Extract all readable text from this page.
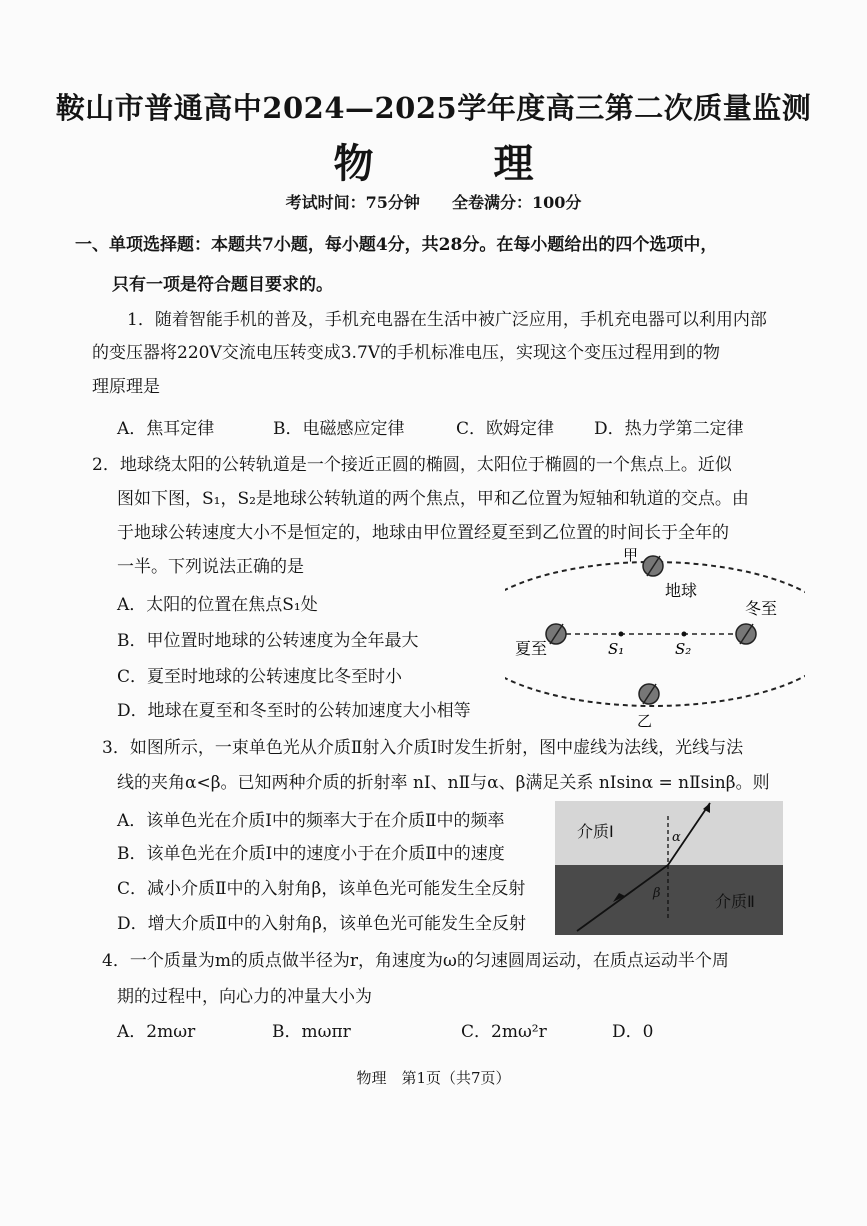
鞍山市普通高中2024—2025学年度高三第二次质量监测
物　理
考试时间：75分钟　　 全卷满分：100分
一、单项选择题：本题共7小题，每小题4分，共28分。在每小题给出的四个选项中，
只有一项是符合题目要求的。
1．随着智能手机的普及，手机充电器在生活中被广泛应用，手机充电器可以利用内部
的变压器将220V交流电压转变成3.7V的手机标准电压，实现这个变压过程用到的物
理原理是
A．焦耳定律	B．电磁感应定律	C．欧姆定律 D．热力学第二定律
2．地球绕太阳的公转轨道是一个接近正圆的椭圆，太阳位于椭圆的一个焦点上。近似
图如下图，S₁，S₂是地球公转轨道的两个焦点，甲和乙位置为短轴和轨道的交点。由
于地球公转速度大小不是恒定的，地球由甲位置经夏至到乙位置的时间长于全年的
一半。下列说法正确的是
A．太阳的位置在焦点S₁处
B．甲位置时地球的公转速度为全年最大
C．夏至时地球的公转速度比冬至时小
D．地球在夏至和冬至时的公转加速度大小相等
甲
地球
冬至
夏至	S₁	S₂
乙
3．如图所示，一束单色光从介质Ⅱ射入介质Ⅰ时发生折射，图中虚线为法线，光线与法
线的夹角α<β。已知两种介质的折射率 nⅠ、nⅡ与α、β满足关系 nⅠsinα = nⅡsinβ。则
A．该单色光在介质Ⅰ中的频率大于在介质Ⅱ中的频率
B．该单色光在介质Ⅰ中的速度小于在介质Ⅱ中的速度
C．减小介质Ⅱ中的入射角β，该单色光可能发生全反射
D．增大介质Ⅱ中的入射角β，该单色光可能发生全反射
介质Ⅰ
介质Ⅱ
α
β
4．一个质量为m的质点做半径为r，角速度为ω的匀速圆周运动，在质点运动半个周
期的过程中，向心力的冲量大小为
A．2mωr	B．mωπr	C．2mω²r	D．0
物理　第1页（共7页）
